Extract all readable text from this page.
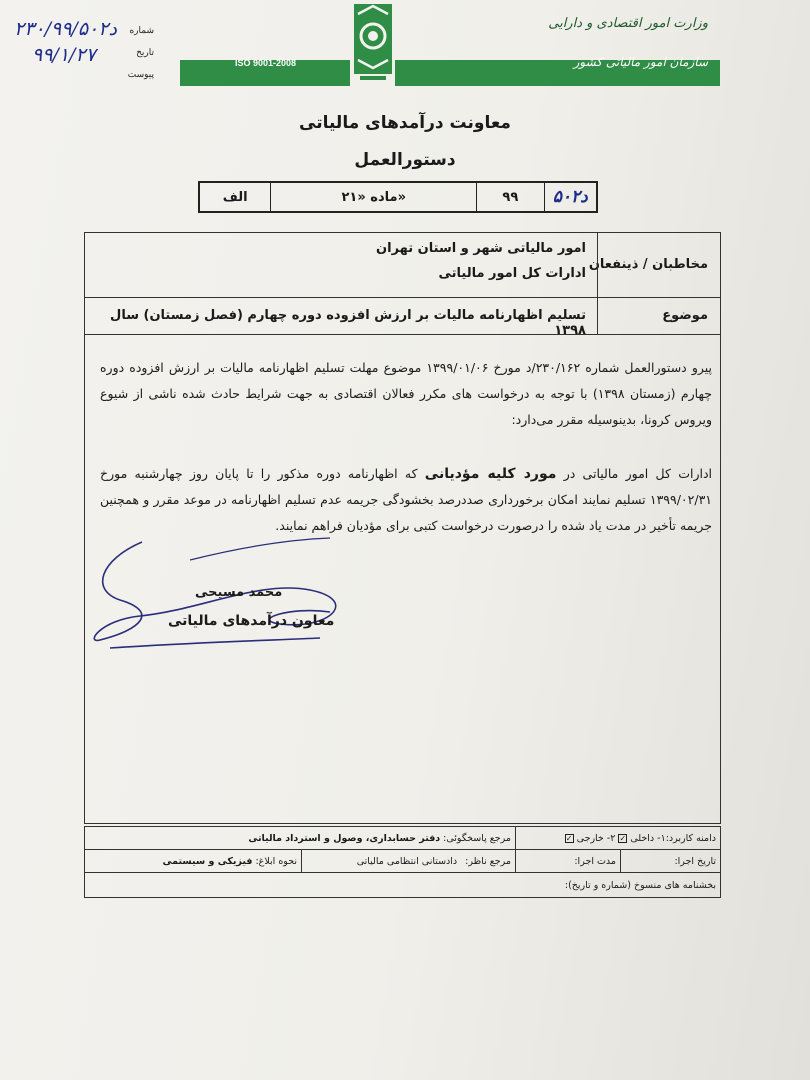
شماره
۲۳۰/۹۹/د۵۰۲
تاریخ
۹۹/۱/۲۷
پیوست
وزارت امور اقتصادی و دارایی
سازمان امور مالیاتی کشور
ISO 9001-2008
معاونت درآمدهای مالیاتی
دستورالعمل
الف	ماده «۲۱»	۹۹	د۵۰۲
مخاطبان / ذینفعان
امور مالیاتی شهر و استان تهران
ادارات کل امور مالیاتی
موضوع
تسلیم اظهارنامه مالیات بر ارزش افزوده دوره چهارم (فصل زمستان) سال ۱۳۹۸

پیرو دستورالعمل شماره ۲۳۰/۱۶۲/د مورخ ۱۳۹۹/۰۱/۰۶ موضوع مهلت تسلیم اظهارنامه مالیات بر ارزش افزوده دوره چهارم (زمستان ۱۳۹۸) با توجه به درخواست های مکرر فعالان اقتصادی به جهت شرایط حادث شده ناشی از شیوع ویروس کرونا، بدینوسیله مقرر می‌دارد:

ادارات کل امور مالیاتی در مورد کلیه مؤدیانی که اظهارنامه دوره مذکور را تا پایان روز چهارشنبه مورخ ۱۳۹۹/۰۲/۳۱ تسلیم نمایند امکان برخورداری صددرصد بخشودگی جریمه عدم تسلیم اظهارنامه در موعد مقرر و همچنین جریمه تأخیر در مدت یاد شده را درصورت درخواست کتبی برای مؤدیان فراهم نمایند.

محمد مسیحی
معاون درآمدهای مالیاتی
دامنه کاربرد:
۱- داخلی
✓
۲- خارجی
✓
مرجع پاسخگوئی:
دفتر حسابداری، وصول و استرداد مالیاتی
تاریخ اجرا:
مدت اجرا:
مرجع ناظر:
دادستانی انتظامی مالیاتی
نحوه ابلاغ:
فیزیکی و سیستمی
بخشنامه های منسوخ (شماره و تاریخ):
